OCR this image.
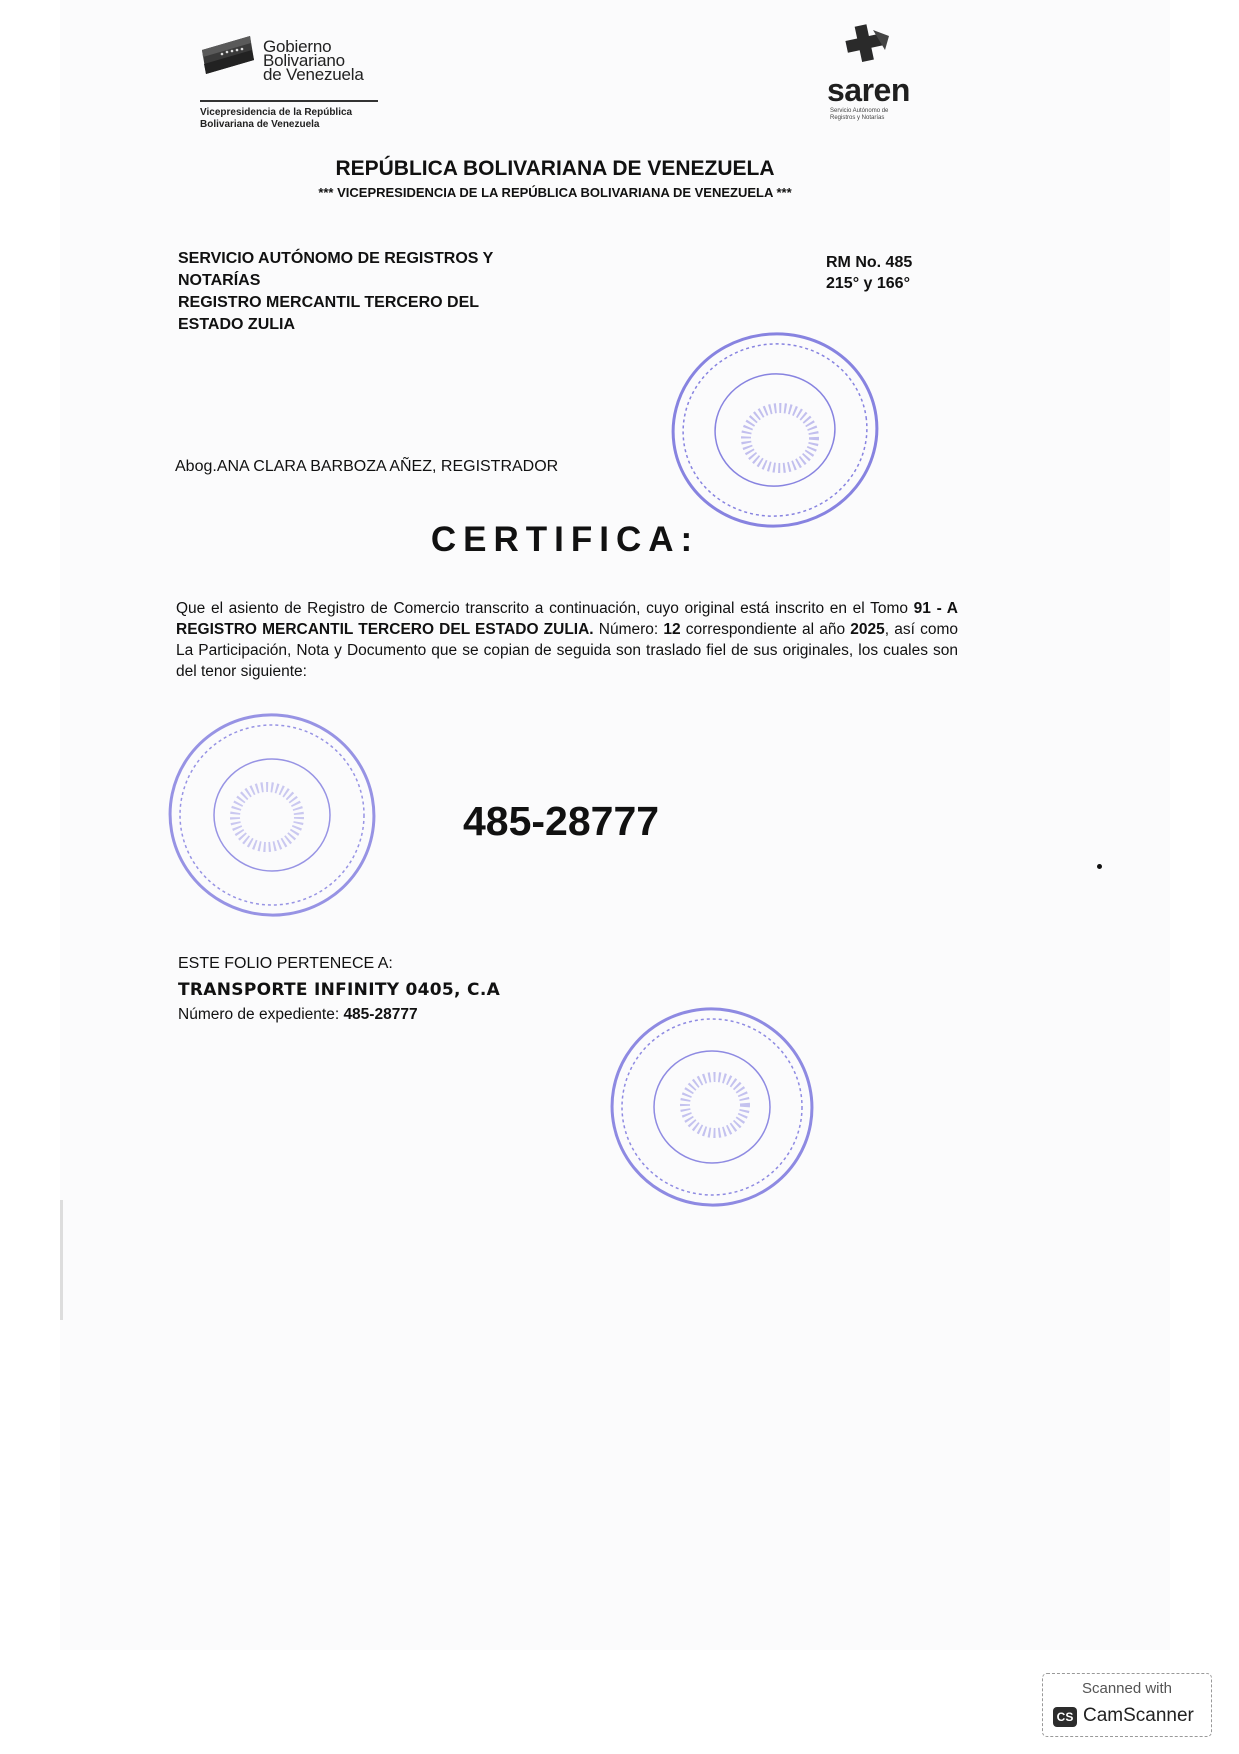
Gobierno
Bolivariano
de Venezuela
Vicepresidencia de la República
Bolivariana de Venezuela
saren
Servicio Autónomo de
Registros y Notarías
REPÚBLICA BOLIVARIANA DE VENEZUELA
*** VICEPRESIDENCIA DE LA REPÚBLICA BOLIVARIANA DE VENEZUELA ***
SERVICIO AUTÓNOMO DE REGISTROS Y
NOTARÍAS
REGISTRO MERCANTIL TERCERO DEL
ESTADO ZULIA
RM No. 485
215° y 166°
Abog.ANA CLARA BARBOZA AÑEZ, REGISTRADOR
CERTIFICA:
Que el asiento de Registro de Comercio transcrito a continuación, cuyo original está inscrito en el Tomo 91 - A REGISTRO MERCANTIL TERCERO DEL ESTADO ZULIA. Número: 12 correspondiente al año 2025, así como La Participación, Nota y Documento que se copian de seguida son traslado fiel de sus originales, los cuales son del tenor siguiente:
485-28777
ESTE FOLIO PERTENECE A:
TRANSPORTE INFINITY 0405, C.A
Número de expediente: 485-28777
Scanned with
CS CamScanner
